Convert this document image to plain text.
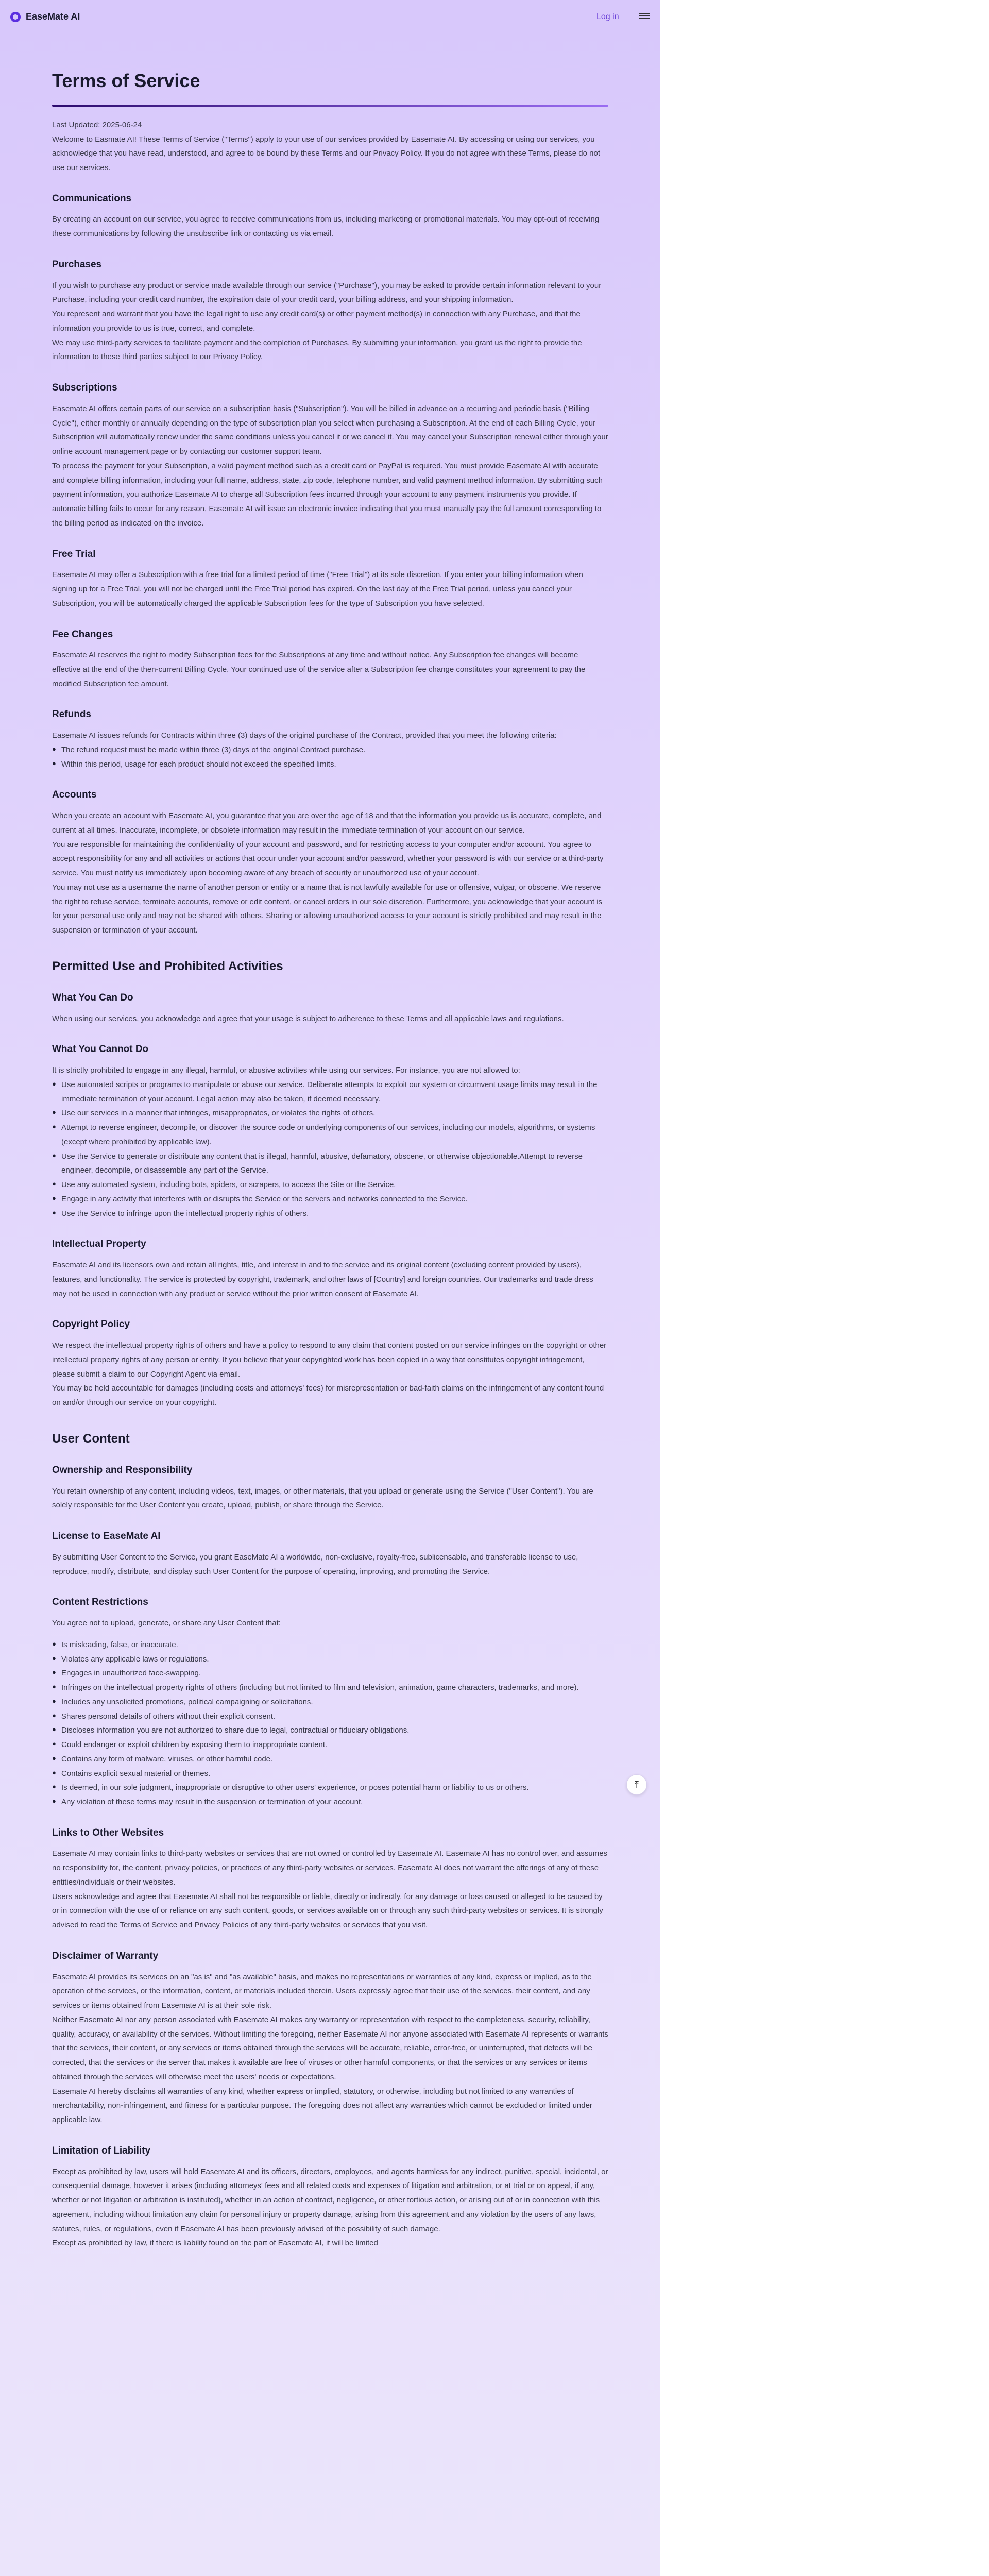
EaseMate AI	Log in
Terms of Service

Last Updated: 2025-06-24

Welcome to Easmate AI! These Terms of Service ("Terms") apply to your use of our services provided by Easemate AI. By accessing or using our services, you acknowledge that you have read, understood, and agree to be bound by these Terms and our Privacy Policy. If you do not agree with these Terms, please do not use our services.

Communications

By creating an account on our service, you agree to receive communications from us, including marketing or promotional materials. You may opt-out of receiving these communications by following the unsubscribe link or contacting us via email.

Purchases

If you wish to purchase any product or service made available through our service ("Purchase"), you may be asked to provide certain information relevant to your Purchase, including your credit card number, the expiration date of your credit card, your billing address, and your shipping information.

You represent and warrant that you have the legal right to use any credit card(s) or other payment method(s) in connection with any Purchase, and that the information you provide to us is true, correct, and complete.

We may use third-party services to facilitate payment and the completion of Purchases. By submitting your information, you grant us the right to provide the information to these third parties subject to our Privacy Policy.

Subscriptions

Easemate AI offers certain parts of our service on a subscription basis ("Subscription"). You will be billed in advance on a recurring and periodic basis ("Billing Cycle"), either monthly or annually depending on the type of subscription plan you select when purchasing a Subscription. At the end of each Billing Cycle, your Subscription will automatically renew under the same conditions unless you cancel it or we cancel it. You may cancel your Subscription renewal either through your online account management page or by contacting our customer support team.

To process the payment for your Subscription, a valid payment method such as a credit card or PayPal is required. You must provide Easemate AI with accurate and complete billing information, including your full name, address, state, zip code, telephone number, and valid payment method information. By submitting such payment information, you authorize Easemate AI to charge all Subscription fees incurred through your account to any payment instruments you provide. If automatic billing fails to occur for any reason, Easemate AI will issue an electronic invoice indicating that you must manually pay the full amount corresponding to the billing period as indicated on the invoice.

Free Trial

Easemate AI may offer a Subscription with a free trial for a limited period of time ("Free Trial") at its sole discretion. If you enter your billing information when signing up for a Free Trial, you will not be charged until the Free Trial period has expired. On the last day of the Free Trial period, unless you cancel your Subscription, you will be automatically charged the applicable Subscription fees for the type of Subscription you have selected.

Fee Changes

Easemate AI reserves the right to modify Subscription fees for the Subscriptions at any time and without notice. Any Subscription fee changes will become effective at the end of the then-current Billing Cycle. Your continued use of the service after a Subscription fee change constitutes your agreement to pay the modified Subscription fee amount.

Refunds

Easemate AI issues refunds for Contracts within three (3) days of the original purchase of the Contract, provided that you meet the following criteria:

● The refund request must be made within three (3) days of the original Contract purchase.
● Within this period, usage for each product should not exceed the specified limits.
Accounts

When you create an account with Easemate AI, you guarantee that you are over the age of 18 and that the information you provide us is accurate, complete, and current at all times. Inaccurate, incomplete, or obsolete information may result in the immediate termination of your account on our service.

You are responsible for maintaining the confidentiality of your account and password, and for restricting access to your computer and/or account. You agree to accept responsibility for any and all activities or actions that occur under your account and/or password, whether your password is with our service or a third-party service. You must notify us immediately upon becoming aware of any breach of security or unauthorized use of your account.

You may not use as a username the name of another person or entity or a name that is not lawfully available for use or offensive, vulgar, or obscene. We reserve the right to refuse service, terminate accounts, remove or edit content, or cancel orders in our sole discretion. Furthermore, you acknowledge that your account is for your personal use only and may not be shared with others. Sharing or allowing unauthorized access to your account is strictly prohibited and may result in the suspension or termination of your account.

Permitted Use and Prohibited Activities
What You Can Do

When using our services, you acknowledge and agree that your usage is subject to adherence to these Terms and all applicable laws and regulations.

What You Cannot Do

It is strictly prohibited to engage in any illegal, harmful, or abusive activities while using our services. For instance, you are not allowed to:

● Use automated scripts or programs to manipulate or abuse our service. Deliberate attempts to exploit our system or circumvent usage limits may result in the immediate termination of your account. Legal action may also be taken, if deemed necessary.
● Use our services in a manner that infringes, misappropriates, or violates the rights of others.
● Attempt to reverse engineer, decompile, or discover the source code or underlying components of our services, including our models, algorithms, or systems (except where prohibited by applicable law).
● Use the Service to generate or distribute any content that is illegal, harmful, abusive, defamatory, obscene, or otherwise objectionable.Attempt to reverse engineer, decompile, or disassemble any part of the Service.
● Use any automated system, including bots, spiders, or scrapers, to access the Site or the Service.
● Engage in any activity that interferes with or disrupts the Service or the servers and networks connected to the Service.
● Use the Service to infringe upon the intellectual property rights of others.
Intellectual Property

Easemate AI and its licensors own and retain all rights, title, and interest in and to the service and its original content (excluding content provided by users), features, and functionality. The service is protected by copyright, trademark, and other laws of [Country] and foreign countries. Our trademarks and trade dress may not be used in connection with any product or service without the prior written consent of Easemate AI.

Copyright Policy

We respect the intellectual property rights of others and have a policy to respond to any claim that content posted on our service infringes on the copyright or other intellectual property rights of any person or entity. If you believe that your copyrighted work has been copied in a way that constitutes copyright infringement, please submit a claim to our Copyright Agent via email.

You may be held accountable for damages (including costs and attorneys' fees) for misrepresentation or bad-faith claims on the infringement of any content found on and/or through our service on your copyright.

User Content
Ownership and Responsibility

You retain ownership of any content, including videos, text, images, or other materials, that you upload or generate using the Service ("User Content"). You are solely responsible for the User Content you create, upload, publish, or share through the Service.

License to EaseMate AI

By submitting User Content to the Service, you grant EaseMate AI a worldwide, non-exclusive, royalty-free, sublicensable, and transferable license to use, reproduce, modify, distribute, and display such User Content for the purpose of operating, improving, and promoting the Service.

Content Restrictions

You agree not to upload, generate, or share any User Content that:

● Is misleading, false, or inaccurate.
● Violates any applicable laws or regulations.
● Engages in unauthorized face-swapping.
● Infringes on the intellectual property rights of others (including but not limited to film and television, animation, game characters, trademarks, and more).
● Includes any unsolicited promotions, political campaigning or solicitations.
● Shares personal details of others without their explicit consent.
● Discloses information you are not authorized to share due to legal, contractual or fiduciary obligations.
● Could endanger or exploit children by exposing them to inappropriate content.
● Contains any form of malware, viruses, or other harmful code.
● Contains explicit sexual material or themes.
● Is deemed, in our sole judgment, inappropriate or disruptive to other users' experience, or poses potential harm or liability to us or others.
● Any violation of these terms may result in the suspension or termination of your account.
Links to Other Websites

Easemate AI may contain links to third-party websites or services that are not owned or controlled by Easemate AI. Easemate AI has no control over, and assumes no responsibility for, the content, privacy policies, or practices of any third-party websites or services. Easemate AI does not warrant the offerings of any of these entities/individuals or their websites.

Users acknowledge and agree that Easemate AI shall not be responsible or liable, directly or indirectly, for any damage or loss caused or alleged to be caused by or in connection with the use of or reliance on any such content, goods, or services available on or through any such third-party websites or services. It is strongly advised to read the Terms of Service and Privacy Policies of any third-party websites or services that you visit.

Disclaimer of Warranty

Easemate AI provides its services on an "as is" and "as available" basis, and makes no representations or warranties of any kind, express or implied, as to the operation of the services, or the information, content, or materials included therein. Users expressly agree that their use of the services, their content, and any services or items obtained from Easemate AI is at their sole risk.

Neither Easemate AI nor any person associated with Easemate AI makes any warranty or representation with respect to the completeness, security, reliability, quality, accuracy, or availability of the services. Without limiting the foregoing, neither Easemate AI nor anyone associated with Easemate AI represents or warrants that the services, their content, or any services or items obtained through the services will be accurate, reliable, error-free, or uninterrupted, that defects will be corrected, that the services or the server that makes it available are free of viruses or other harmful components, or that the services or any services or items obtained through the services will otherwise meet the users' needs or expectations.

Easemate AI hereby disclaims all warranties of any kind, whether express or implied, statutory, or otherwise, including but not limited to any warranties of merchantability, non-infringement, and fitness for a particular purpose. The foregoing does not affect any warranties which cannot be excluded or limited under applicable law.

Limitation of Liability

Except as prohibited by law, users will hold Easemate AI and its officers, directors, employees, and agents harmless for any indirect, punitive, special, incidental, or consequential damage, however it arises (including attorneys' fees and all related costs and expenses of litigation and arbitration, or at trial or on appeal, if any, whether or not litigation or arbitration is instituted), whether in an action of contract, negligence, or other tortious action, or arising out of or in connection with this agreement, including without limitation any claim for personal injury or property damage, arising from this agreement and any violation by the users of any laws, statutes, rules, or regulations, even if Easemate AI has been previously advised of the possibility of such damage.

Except as prohibited by law, if there is liability found on the part of Easemate AI, it will be limited

⤒
